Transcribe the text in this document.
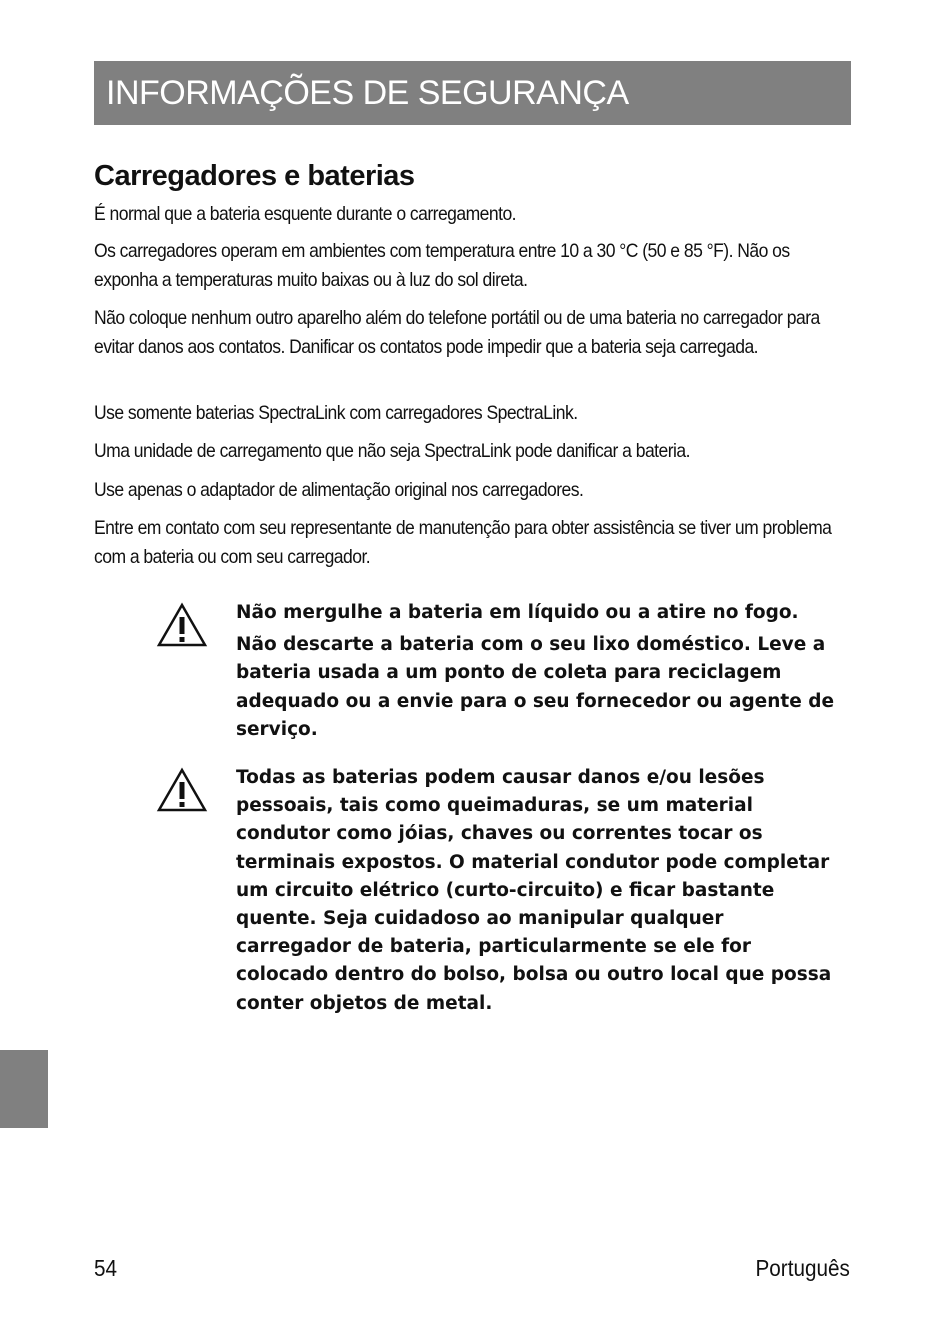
INFORMAÇÕES DE SEGURANÇA
Carregadores e baterias
É normal que a bateria esquente durante o carregamento.
Os carregadores operam em ambientes com temperatura entre 10 a 30 °C (50 e 85 °F). Não os exponha a temperaturas muito baixas ou à luz do sol direta.
Não coloque nenhum outro aparelho além do telefone portátil ou de uma bateria no carregador para evitar danos aos contatos. Danificar os contatos pode impedir que a bateria seja carregada.
Use somente baterias SpectraLink com carregadores SpectraLink.
Uma unidade de carregamento que não seja SpectraLink pode danificar a bateria.
Use apenas o adaptador de alimentação original nos carregadores.
Entre em contato com seu representante de manutenção para obter assistência se tiver um problema com a bateria ou com seu carregador.

Não mergulhe a bateria em líquido ou a atire no fogo.

Não descarte a bateria com o seu lixo doméstico. Leve a bateria usada a um ponto de coleta para reciclagem adequado ou a envie para o seu fornecedor ou agente de serviço.

Todas as baterias podem causar danos e/ou lesões pessoais, tais como queimaduras, se um material condutor como jóias, chaves ou correntes tocar os terminais expostos. O material condutor pode completar um circuito elétrico (curto-circuito) e ficar bastante quente. Seja cuidadoso ao manipular qualquer carregador de bateria, particularmente se ele for colocado dentro do bolso, bolsa ou outro local que possa conter objetos de metal.

54	Português
